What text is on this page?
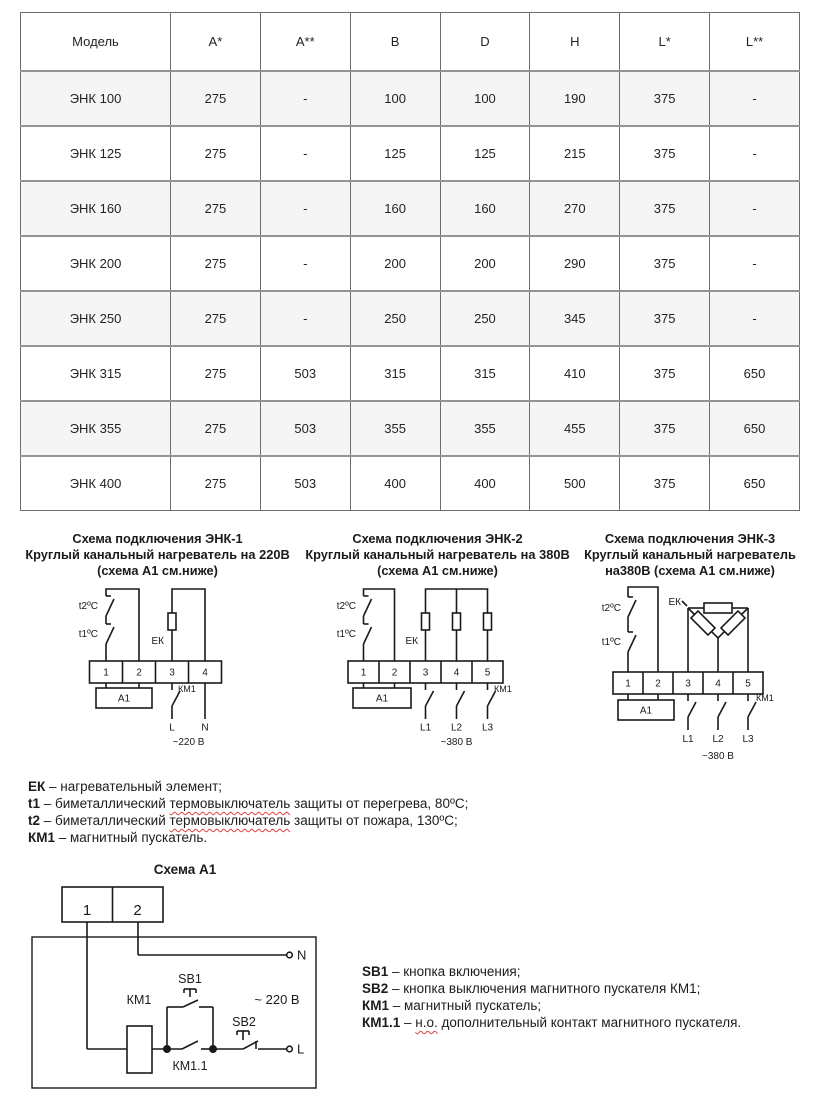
Модель	A*	A**	B	D	H	L*	L**
ЭНК 100	275	-	100	100	190	375	-
ЭНК 125	275	-	125	125	215	375	-
ЭНК 160	275	-	160	160	270	375	-
ЭНК 200	275	-	200	200	290	375	-
ЭНК 250	275	-	250	250	345	375	-
ЭНК 315	275	503	315	315	410	375	650
ЭНК 355	275	503	355	355	455	375	650
ЭНК 400	275	503	400	400	500	375	650
Схема подключения ЭНК-1
Круглый канальный нагреватель на 220В
(схема А1 см.ниже)
t2ºC
t1ºC
ЕК
1	2	3	4
А1
КМ1
L	N
~220 В
Схема подключения ЭНК-2
Круглый канальный нагреватель на 380В
(схема А1 см.ниже)
t2ºC
t1ºC
ЕК
1	2	3	4	5
А1
КМ1
L1 L2 L3
~380 В
Схема подключения ЭНК-3
Круглый канальный нагреватель
на380В (схема А1 см.ниже)
t2ºC
t1ºC
ЕК
1 2 3 4 5
А1
КМ1
L1 L2 L3
~380 В
ЕК – нагревательный элемент;
t1 – биметаллический термовыключатель защиты от перегрева, 80ºС;
t2 – биметаллический термовыключатель защиты от пожара, 130ºС;
КМ1 – магнитный пускатель.
Схема А1
1	2
N
L
КМ1
SB1
SB2
КМ1.1
~ 220 В
SB1 – кнопка включения;
SB2 – кнопка выключения магнитного пускателя КМ1;
КМ1 – магнитный пускатель;
КМ1.1 – н.о. дополнительный контакт магнитного пускателя.
